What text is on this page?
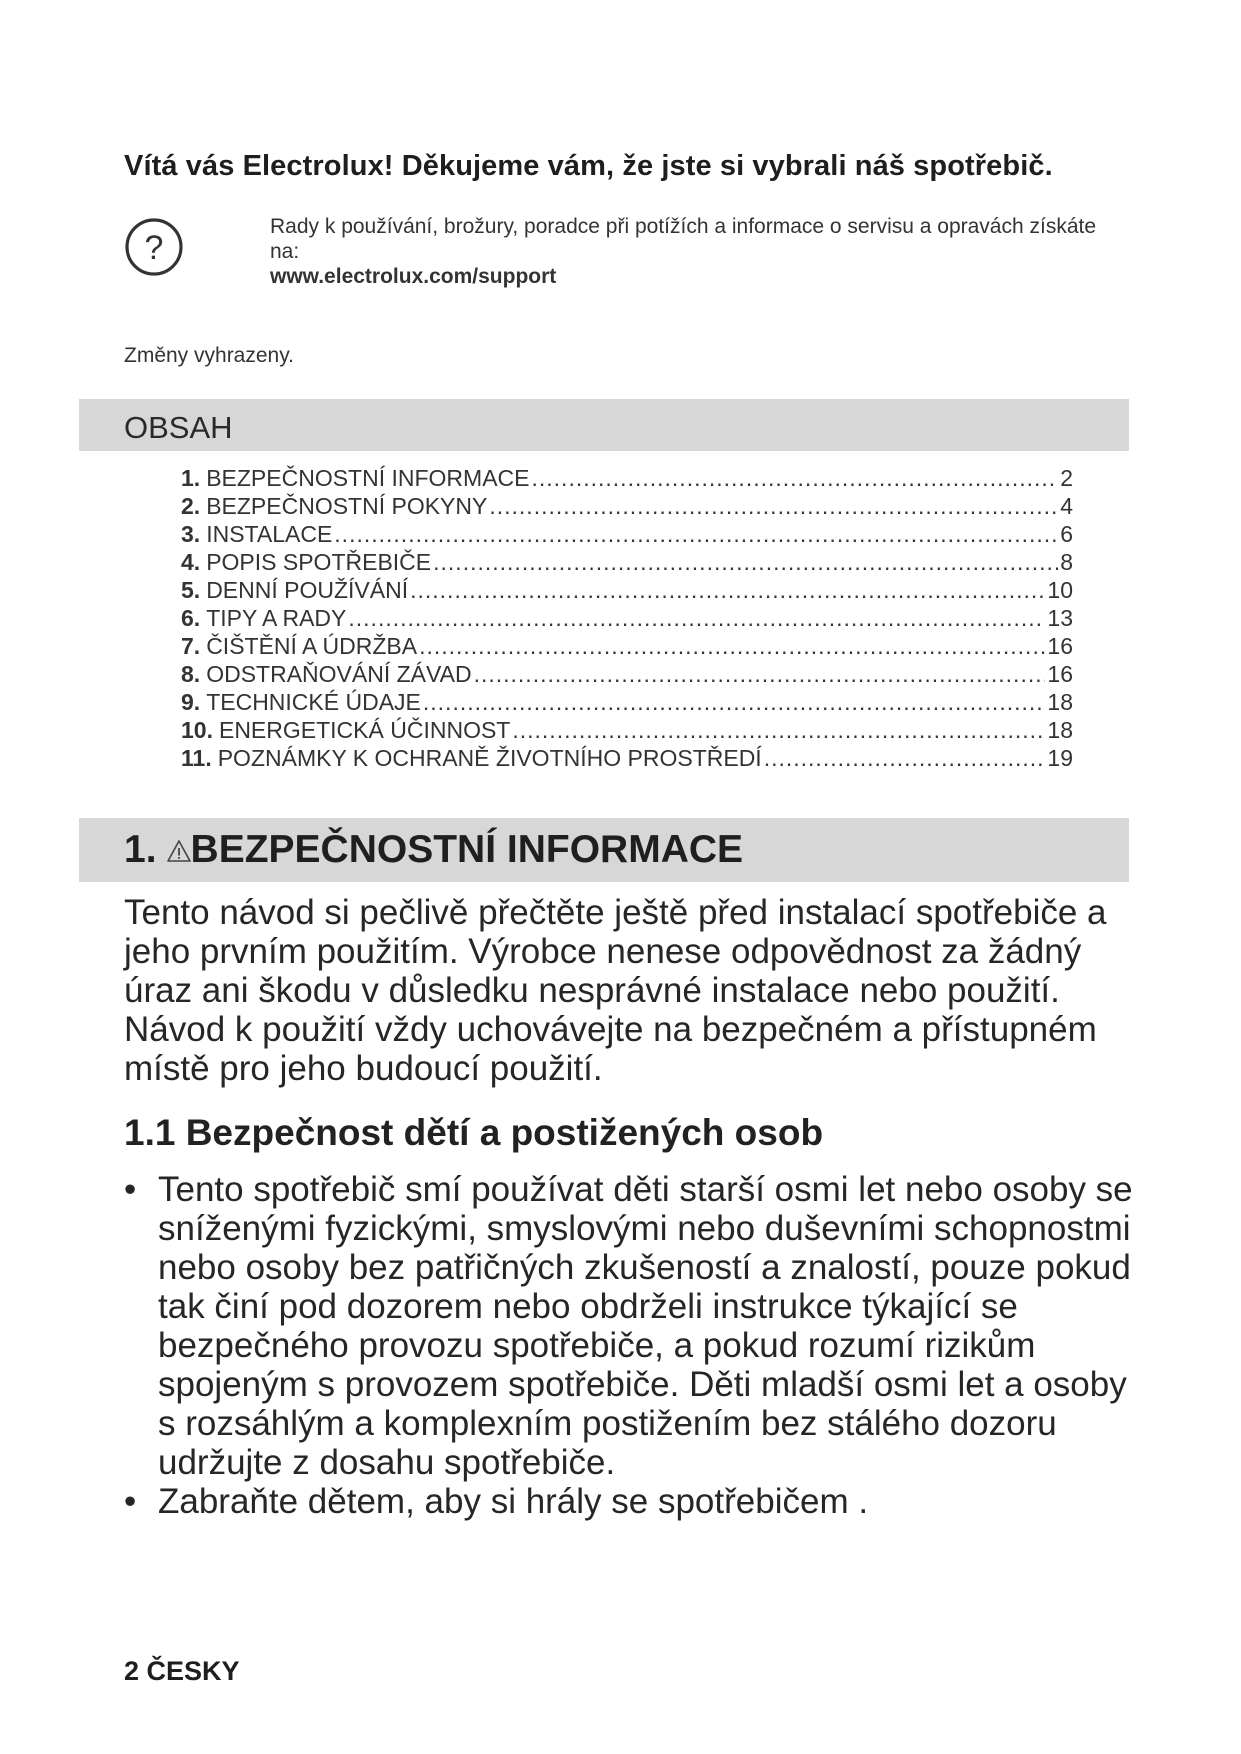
Vítá vás Electrolux! Děkujeme vám, že jste si vybrali náš spotřebič.
?
Rady k používání, brožury, poradce při potížích a informace o servisu a opravách získáte na:
www.electrolux.com/support
Změny vyhrazeny.
OBSAH
1. BEZPEČNOSTNÍ INFORMACE .....	2
2. BEZPEČNOSTNÍ POKYNY .....	4
3. INSTALACE .....	6
4. POPIS SPOTŘEBIČE .....	8
5. DENNÍ POUŽÍVÁNÍ .....	10
6. TIPY A RADY .....	13
7. ČIŠTĚNÍ A ÚDRŽBA .....	16
8. ODSTRAŇOVÁNÍ ZÁVAD .....	16
9. TECHNICKÉ ÚDAJE .....	18
10. ENERGETICKÁ ÚČINNOST .....	18
11. POZNÁMKY K OCHRANĚ ŽIVOTNÍHO PROSTŘEDÍ .....	19
1. BEZPEČNOSTNÍ INFORMACE
Tento návod si pečlivě přečtěte ještě před instalací spotřebiče a jeho prvním použitím. Výrobce nenese odpovědnost za žádný úraz ani škodu v důsledku nesprávné instalace nebo použití. Návod k použití vždy uchovávejte na bezpečném a přístupném místě pro jeho budoucí použití.
1.1 Bezpečnost dětí a postižených osob
• Tento spotřebič smí používat děti starší osmi let nebo osoby se sníženými fyzickými, smyslovými nebo duševními schopnostmi nebo osoby bez patřičných zkušeností a znalostí, pouze pokud tak činí pod dozorem nebo obdrželi instrukce týkající se bezpečného provozu spotřebiče, a pokud rozumí rizikům spojeným s provozem spotřebiče. Děti mladší osmi let a osoby s rozsáhlým a komplexním postižením bez stálého dozoru udržujte z dosahu spotřebiče.
• Zabraňte dětem, aby si hrály se spotřebičem .
2 ČESKY
